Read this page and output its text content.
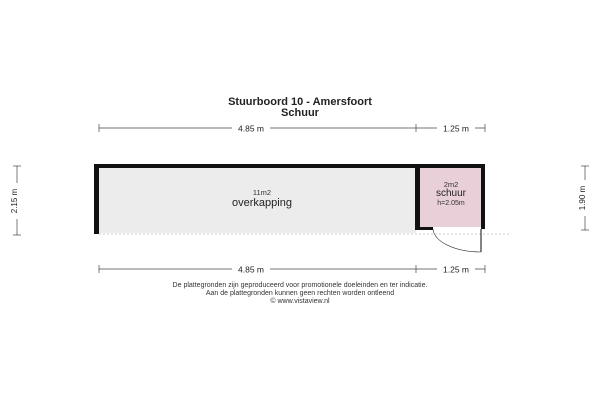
Stuurboord 10 - Amersfoort
Schuur
4.85 m	1.25 m
4.85 m	1.25 m
2.15 m	1.90 m
11m2
overkapping
2m2
schuur
h=2.05m
De plattegronden zijn geproduceerd voor promotionele doeleinden en ter indicatie.
Aan de plattegronden kunnen geen rechten worden ontleend
© www.vistaview.nl
